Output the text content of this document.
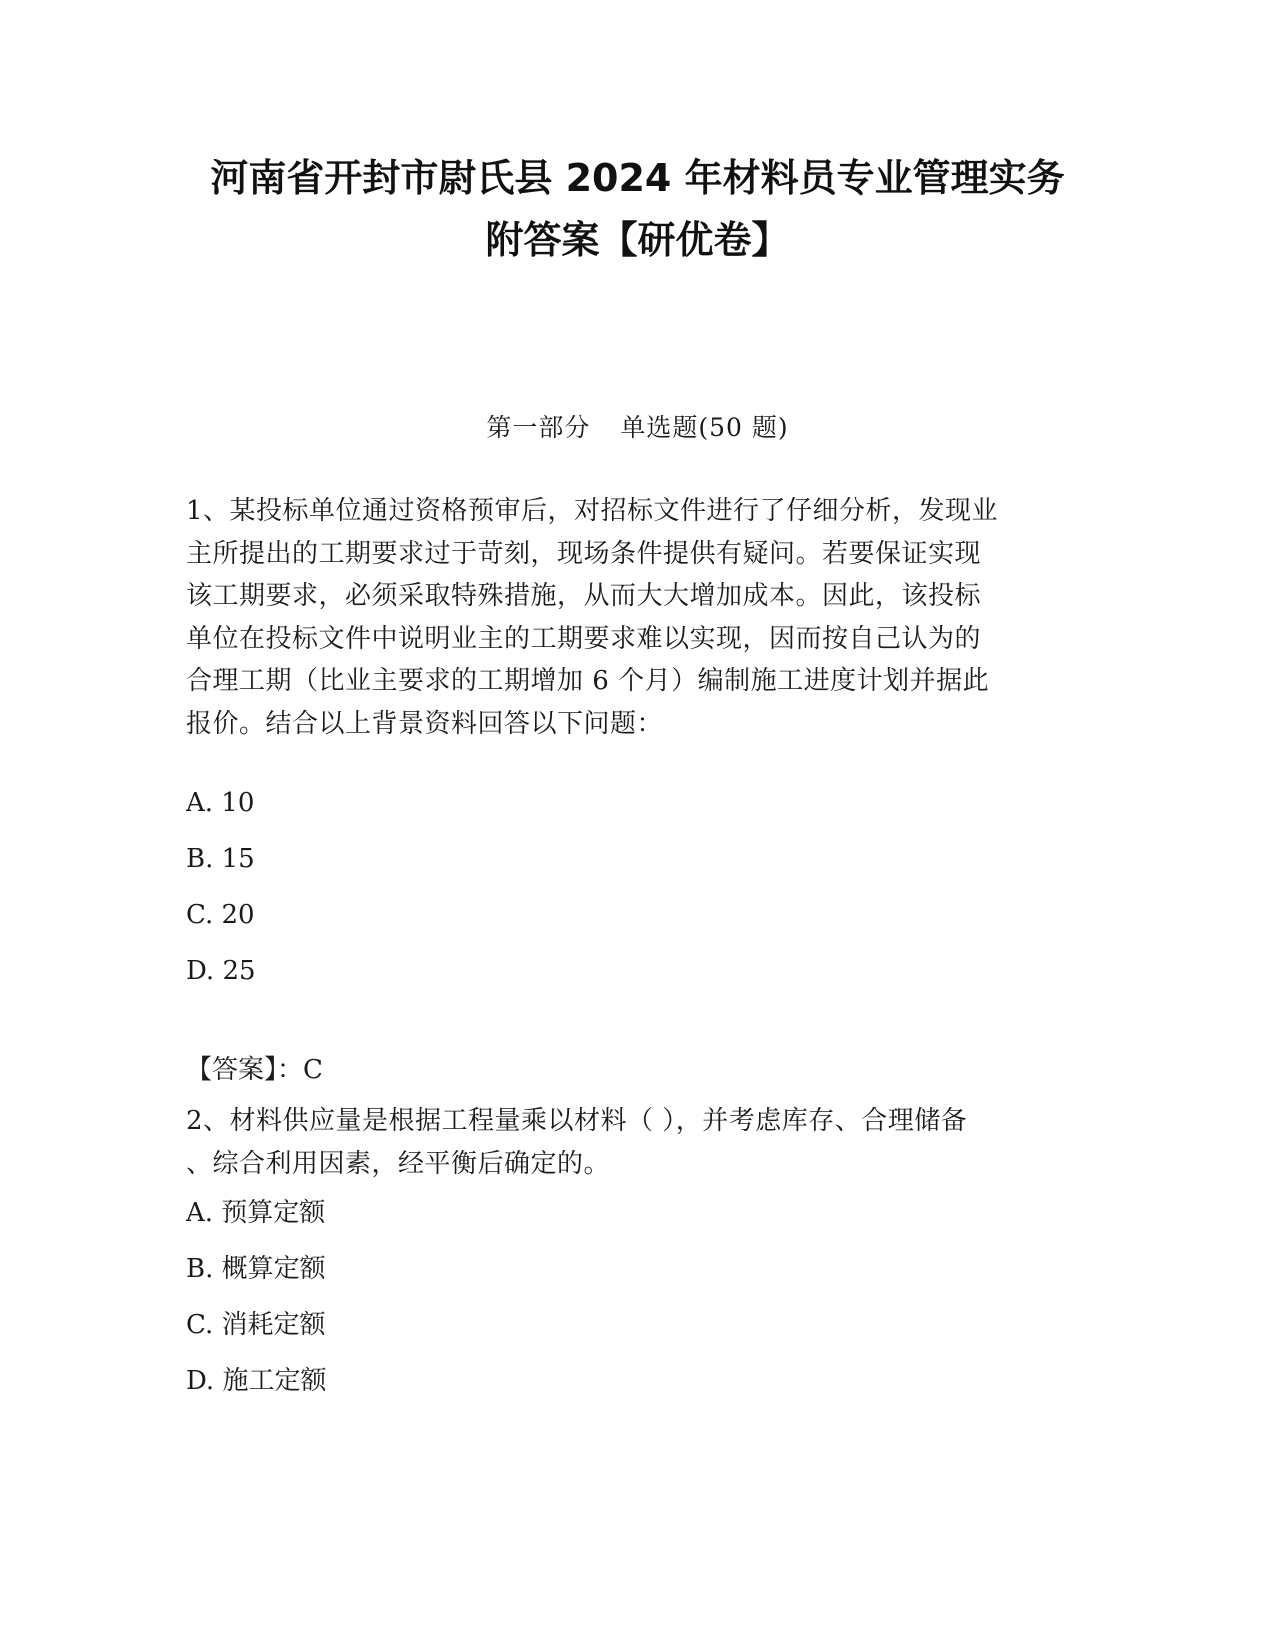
河南省开封市尉氏县 2024 年材料员专业管理实务
附答案【研优卷】
第一部分 单选题(50 题)

1、某投标单位通过资格预审后，对招标文件进行了仔细分析，发现业

主所提出的工期要求过于苛刻，现场条件提供有疑问。若要保证实现

该工期要求，必须采取特殊措施，从而大大增加成本。因此，该投标

单位在投标文件中说明业主的工期要求难以实现，因而按自己认为的

合理工期（比业主要求的工期增加 6 个月）编制施工进度计划并据此

报价。结合以上背景资料回答以下问题：

A. 10

B. 15

C. 20

D. 25

【答案】：C

2、材料供应量是根据工程量乘以材料（ ），并考虑库存、合理储备

、综合利用因素，经平衡后确定的。

A. 预算定额

B. 概算定额

C. 消耗定额

D. 施工定额
